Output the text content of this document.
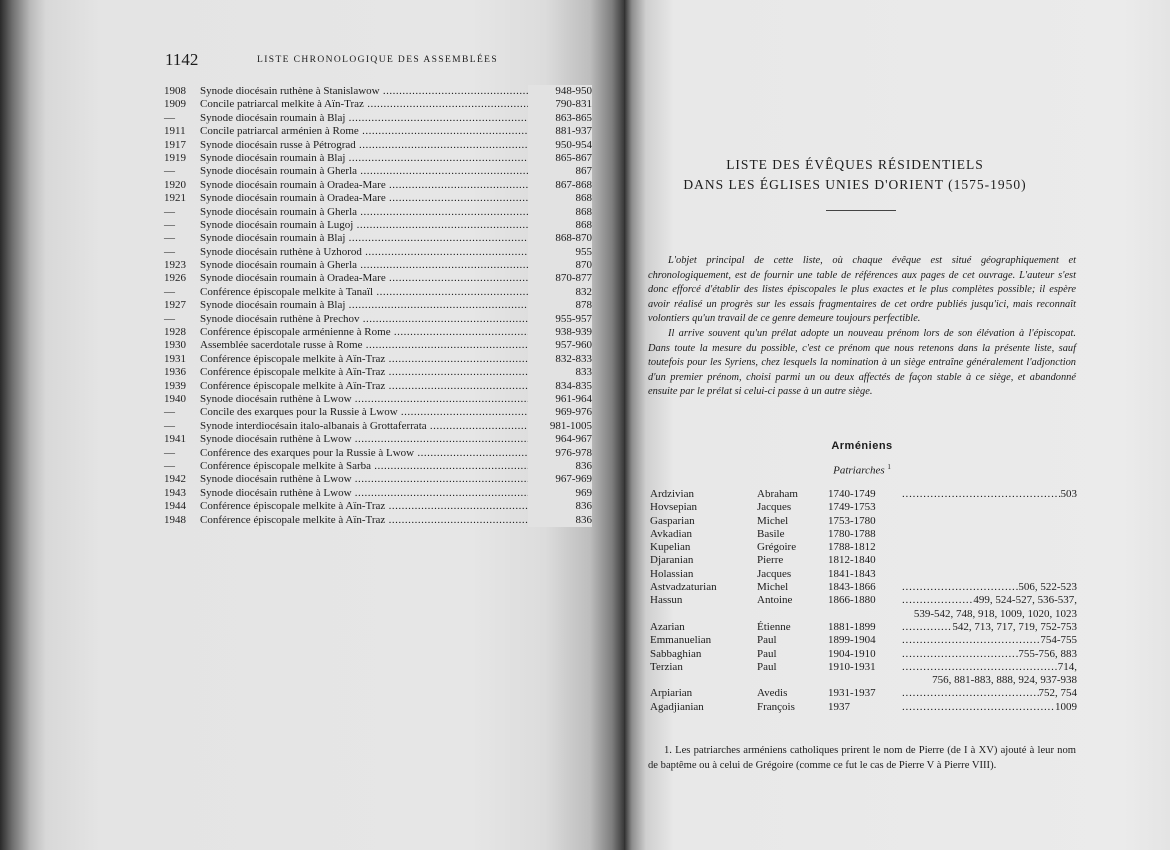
1142	LISTE CHRONOLOGIQUE DES ASSEMBLÉES
1908	Synode diocésain ruthène à Stanislawow .....	948-950
1909	Concile patriarcal melkite à Aïn-Traz .....	790-831
—	Synode diocésain roumain à Blaj .....	863-865
1911	Concile patriarcal arménien à Rome .....	881-937
1917	Synode diocésain russe à Pétrograd .....	950-954
1919	Synode diocésain roumain à Blaj .....	865-867
—	Synode diocésain roumain à Gherla .....	867
1920	Synode diocésain roumain à Oradea-Mare .....	867-868
1921	Synode diocésain roumain à Oradea-Mare .....	868
—	Synode diocésain roumain à Gherla .....	868
—	Synode diocésain roumain à Lugoj .....	868
—	Synode diocésain roumain à Blaj .....	868-870
—	Synode diocésain ruthène à Uzhorod .....	955
1923	Synode diocésain roumain à Gherla .....	870
1926	Synode diocésain roumain à Oradea-Mare .....	870-877
—	Conférence épiscopale melkite à Tanaïl .....	832
1927	Synode diocésain roumain à Blaj .....	878
—	Synode diocésain ruthène à Prechov .....	955-957
1928	Conférence épiscopale arménienne à Rome .....	938-939
1930	Assemblée sacerdotale russe à Rome .....	957-960
1931	Conférence épiscopale melkite à Aïn-Traz .....	832-833
1936	Conférence épiscopale melkite à Aïn-Traz .....	833
1939	Conférence épiscopale melkite à Aïn-Traz .....	834-835
1940	Synode diocésain ruthène à Lwow .....	961-964
—	Concile des exarques pour la Russie à Lwow .....	969-976
—	Synode interdiocésain italo-albanais à Grottaferrata .....	981-1005
1941	Synode diocésain ruthène à Lwow .....	964-967
—	Conférence des exarques pour la Russie à Lwow .....	976-978
—	Conférence épiscopale melkite à Sarba .....	836
1942	Synode diocésain ruthène à Lwow .....	967-969
1943	Synode diocésain ruthène à Lwow .....	969
1944	Conférence épiscopale melkite à Aïn-Traz .....	836
1948	Conférence épiscopale melkite à Aïn-Traz .....	836
LISTE DES ÉVÊQUES RÉSIDENTIELS
DANS LES ÉGLISES UNIES D'ORIENT (1575-1950)

L'objet principal de cette liste, où chaque évêque est situé géographiquement et chronologiquement, est de fournir une table de références aux pages de cet ouvrage. L'auteur s'est donc efforcé d'établir des listes épiscopales le plus exactes et le plus complètes possible; il espère avoir réalisé un progrès sur les essais fragmentaires de cet ordre publiés jusqu'ici, mais reconnaît volontiers qu'un travail de ce genre demeure toujours perfectible.

Il arrive souvent qu'un prélat adopte un nouveau prénom lors de son élévation à l'épiscopat. Dans toute la mesure du possible, c'est ce prénom que nous retenons dans la présente liste, sauf toutefois pour les Syriens, chez lesquels la nomination à un siège entraîne généralement l'adjonction d'un premier prénom, choisi parmi un ou deux affectés de façon stable à ce siège, et abandonné ensuite par le prélat si celui-ci passe à un autre siège.

Arméniens
Patriarches $^1$
Ardzivian	Abraham	1740-1749 .....	503
Hovsepian	Jacques	1749-1753
Gasparian	Michel	1753-1780
Avkadian	Basile	1780-1788
Kupelian	Grégoire	1788-1812
Djaranian	Pierre	1812-1840
Holassian	Jacques	1841-1843
Astvadzaturian	Michel	1843-1866 .....	506, 522-523
Hassun	Antoine	1866-1880 .....	499, 524-527, 536-537,
539-542, 748, 918, 1009, 1020, 1023
Azarian	Étienne	1881-1899 .....	542, 713, 717, 719, 752-753
Emmanuelian	Paul	1899-1904 .....	754-755
Sabbaghian	Paul	1904-1910 .....	755-756, 883
Terzian	Paul	1910-1931 .....	714,
756, 881-883, 888, 924, 937-938
Arpiarian	Avedis	1931-1937 .....	752, 754
Agadjianian	François	1937 .....	1009

1. Les patriarches arméniens catholiques prirent le nom de Pierre (de I à XV) ajouté à leur nom de baptême ou à celui de Grégoire (comme ce fut le cas de Pierre V à Pierre VIII).
